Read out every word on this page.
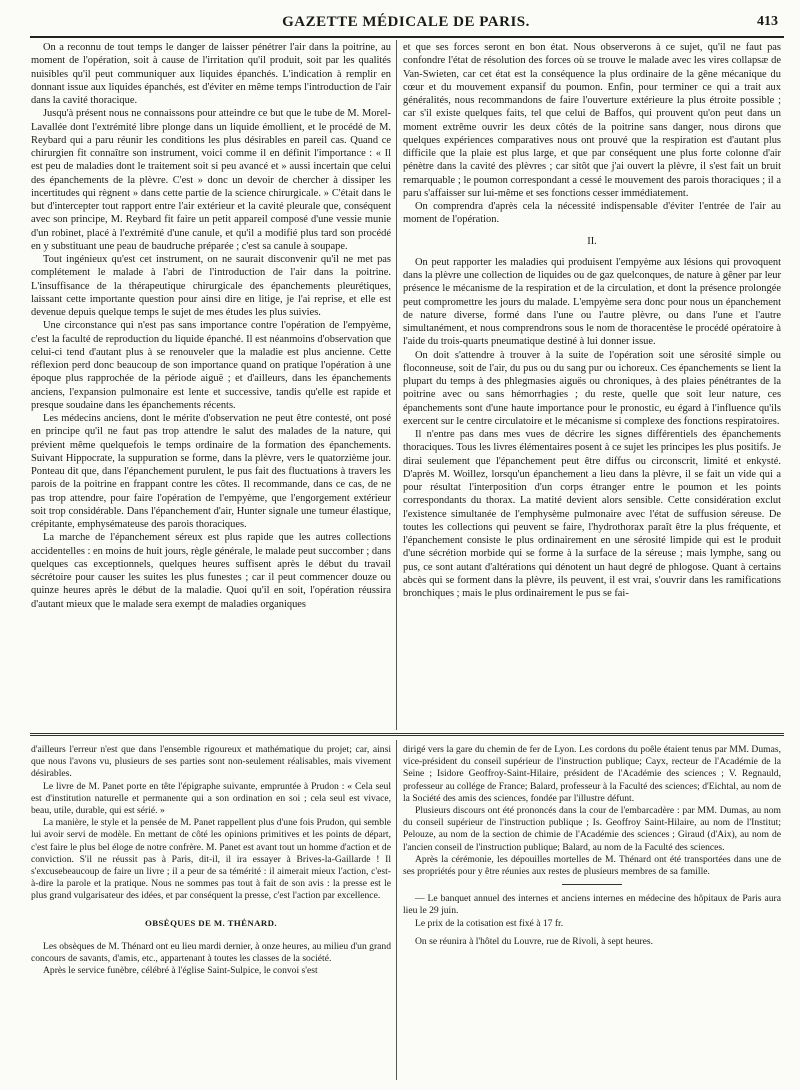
GAZETTE MÉDICALE DE PARIS.	413

On a reconnu de tout temps le danger de laisser pénétrer l'air dans la poitrine, au moment de l'opération, soit à cause de l'irritation qu'il produit, soit par les qualités nuisibles qu'il peut communiquer aux liquides épanchés. L'indication à remplir en donnant issue aux liquides épanchés, est d'éviter en même temps l'introduction de l'air dans la cavité thoracique.

Jusqu'à présent nous ne connaissons pour atteindre ce but que le tube de M. Morel-Lavallée dont l'extrémité libre plonge dans un liquide émollient, et le procédé de M. Reybard qui a paru réunir les conditions les plus désirables en pareil cas. Quand ce chirurgien fit connaître son instrument, voici comme il en définit l'importance : « Il est peu de maladies dont le traitement soit si peu avancé et » aussi incertain que celui des épanchements de la plèvre. C'est » donc un devoir de chercher à dissiper les incertitudes qui règnent » dans cette partie de la science chirurgicale. » C'était dans le but d'intercepter tout rapport entre l'air extérieur et la cavité pleurale que, conséquent avec son principe, M. Reybard fit faire un petit appareil composé d'une vessie munie d'un robinet, placé à l'extrémité d'une canule, et qu'il a modifié plus tard son procédé en y substituant une peau de baudruche préparée ; c'est sa canule à soupape.

Tout ingénieux qu'est cet instrument, on ne saurait disconvenir qu'il ne met pas complétement le malade à l'abri de l'introduction de l'air dans la poitrine. L'insuffisance de la thérapeutique chirurgicale des épanchements pleurétiques, laissant cette importante question pour ainsi dire en litige, je l'ai reprise, et elle est devenue depuis quelque temps le sujet de mes études les plus suivies.

Une circonstance qui n'est pas sans importance contre l'opération de l'empyème, c'est la faculté de reproduction du liquide épanché. Il est néanmoins d'observation que celui-ci tend d'autant plus à se renouveler que la maladie est plus ancienne. Cette réflexion perd donc beaucoup de son importance quand on pratique l'opération à une époque plus rapprochée de la période aiguë ; et d'ailleurs, dans les épanchements anciens, l'expansion pulmonaire est lente et successive, tandis qu'elle est rapide et presque soudaine dans les épanchements récents.

Les médecins anciens, dont le mérite d'observation ne peut être contesté, ont posé en principe qu'il ne faut pas trop attendre le salut des malades de la nature, qui prévient même quelquefois le temps ordinaire de la formation des épanchements. Suivant Hippocrate, la suppuration se forme, dans la plèvre, vers le quatorzième jour. Ponteau dit que, dans l'épanchement purulent, le pus fait des fluctuations à travers les parois de la poitrine en frappant contre les côtes. Il recommande, dans ce cas, de ne pas trop attendre, pour faire l'opération de l'empyème, que l'engorgement extérieur soit trop considérable. Dans l'épanchement d'air, Hunter signale une tumeur élastique, crépitante, emphysémateuse des parois thoraciques.

La marche de l'épanchement séreux est plus rapide que les autres collections accidentelles : en moins de huit jours, règle générale, le malade peut succomber ; dans quelques cas exceptionnels, quelques heures suffisent après le début du travail sécrétoire pour causer les suites les plus funestes ; car il peut commencer douze ou quinze heures après le début de la maladie. Quoi qu'il en soit, l'opération réussira d'autant mieux que le malade sera exempt de maladies organiques

et que ses forces seront en bon état. Nous observerons à ce sujet, qu'il ne faut pas confondre l'état de résolution des forces où se trouve le malade avec les vires collapsæ de Van-Swieten, car cet état est la conséquence la plus ordinaire de la gêne mécanique du cœur et du mouvement expansif du poumon. Enfin, pour terminer ce qui a trait aux généralités, nous recommandons de faire l'ouverture extérieure la plus étroite possible ; car s'il existe quelques faits, tel que celui de Baffos, qui prouvent qu'on peut dans un moment extrême ouvrir les deux côtés de la poitrine sans danger, nous dirons que quelques expériences comparatives nous ont prouvé que la respiration est d'autant plus difficile que la plaie est plus large, et que par conséquent une plus forte colonne d'air pénètre dans la cavité des plèvres ; car sitôt que j'ai ouvert la plèvre, il s'est fait un bruit remarquable ; le poumon correspondant a cessé le mouvement des parois thoraciques ; il a paru s'affaisser sur lui-même et ses fonctions cesser immédiatement.

On comprendra d'après cela la nécessité indispensable d'éviter l'entrée de l'air au moment de l'opération.

II.

On peut rapporter les maladies qui produisent l'empyème aux lésions qui provoquent dans la plèvre une collection de liquides ou de gaz quelconques, de nature à gêner par leur présence le mécanisme de la respiration et de la circulation, et dont la présence prolongée peut compromettre les jours du malade. L'empyème sera donc pour nous un épanchement de nature diverse, formé dans l'une ou l'autre plèvre, ou dans l'une et l'autre simultanément, et nous comprendrons sous le nom de thoracentèse le procédé opératoire à l'aide du trois-quarts pneumatique destiné à lui donner issue.

On doit s'attendre à trouver à la suite de l'opération soit une sérosité simple ou floconneuse, soit de l'air, du pus ou du sang pur ou ichoreux. Ces épanchements se lient la plupart du temps à des phlegmasies aiguës ou chroniques, à des plaies pénétrantes de la poitrine avec ou sans hémorrhagies ; du reste, quelle que soit leur nature, ces épanchements sont d'une haute importance pour le pronostic, eu égard à l'influence qu'ils exercent sur le centre circulatoire et le mécanisme si complexe des fonctions respiratoires.

Il n'entre pas dans mes vues de décrire les signes différentiels des épanchements thoraciques. Tous les livres élémentaires posent à ce sujet les principes les plus positifs. Je dirai seulement que l'épanchement peut être diffus ou circonscrit, limité et enkysté. D'après M. Woillez, lorsqu'un épanchement a lieu dans la plèvre, il se fait un vide qui a pour résultat l'interposition d'un corps étranger entre le poumon et les points correspondants du thorax. La matité devient alors sensible. Cette considération exclut l'existence simultanée de l'emphysème pulmonaire avec l'état de suffusion séreuse. De toutes les collections qui peuvent se faire, l'hydrothorax paraît être la plus fréquente, et l'épanchement consiste le plus ordinairement en une sérosité limpide qui est le produit d'une sécrétion morbide qui se forme à la surface de la séreuse ; mais lymphe, sang ou pus, ce sont autant d'altérations qui dénotent un haut degré de phlogose. Quant à certains abcès qui se forment dans la plèvre, ils peuvent, il est vrai, s'ouvrir dans les ramifications bronchiques ; mais le plus ordinairement le pus se fai-

d'ailleurs l'erreur n'est que dans l'ensemble rigoureux et mathématique du projet; car, ainsi que nous l'avons vu, plusieurs de ses parties sont non-seulement réalisables, mais vivement désirables.

Le livre de M. Panet porte en tête l'épigraphe suivante, empruntée à Prudon : « Cela seul est d'institution naturelle et permanente qui a son ordination en soi ; cela seul est vivace, beau, utile, durable, qui est sérié. »

La manière, le style et la pensée de M. Panet rappellent plus d'une fois Prudon, qui semble lui avoir servi de modèle. En mettant de côté les opinions primitives et les points de départ, c'est faire le plus bel éloge de notre confrère. M. Panet est avant tout un homme d'action et de conviction. S'il ne réussit pas à Paris, dit-il, il ira essayer à Brives-la-Gaillarde ! Il s'excusebeaucoup de faire un livre ; il a peur de sa témérité : il aimerait mieux l'action, c'est-à-dire la parole et la pratique. Nous ne sommes pas tout à fait de son avis : la presse est le plus grand vulgarisateur des idées, et par conséquent la presse, c'est l'action par excellence.

OBSÈQUES DE M. THÉNARD.

Les obsèques de M. Thénard ont eu lieu mardi dernier, à onze heures, au milieu d'un grand concours de savants, d'amis, etc., appartenant à toutes les classes de la société.

Après le service funèbre, célébré à l'église Saint-Sulpice, le convoi s'est

dirigé vers la gare du chemin de fer de Lyon. Les cordons du poêle étaient tenus par MM. Dumas, vice-président du conseil supérieur de l'instruction publique; Cayx, recteur de l'Académie de la Seine ; Isidore Geoffroy-Saint-Hilaire, président de l'Académie des sciences ; V. Regnauld, professeur au collége de France; Balard, professeur à la Faculté des sciences; d'Eichtal, au nom de la Société des amis des sciences, fondée par l'illustre défunt.

Plusieurs discours ont été prononcés dans la cour de l'embarcadère : par MM. Dumas, au nom du conseil supérieur de l'instruction publique ; Is. Geoffroy Saint-Hilaire, au nom de l'Institut; Pelouze, au nom de la section de chimie de l'Académie des sciences ; Giraud (d'Aix), au nom de l'ancien conseil de l'instruction publique; Balard, au nom de la Faculté des sciences.

Après la cérémonie, les dépouilles mortelles de M. Thénard ont été transportées dans une de ses propriétés pour y être réunies aux restes de plusieurs membres de sa famille.

— Le banquet annuel des internes et anciens internes en médecine des hôpitaux de Paris aura lieu le 29 juin.

Le prix de la cotisation est fixé à 17 fr.

On se réunira à l'hôtel du Louvre, rue de Rivoli, à sept heures.
